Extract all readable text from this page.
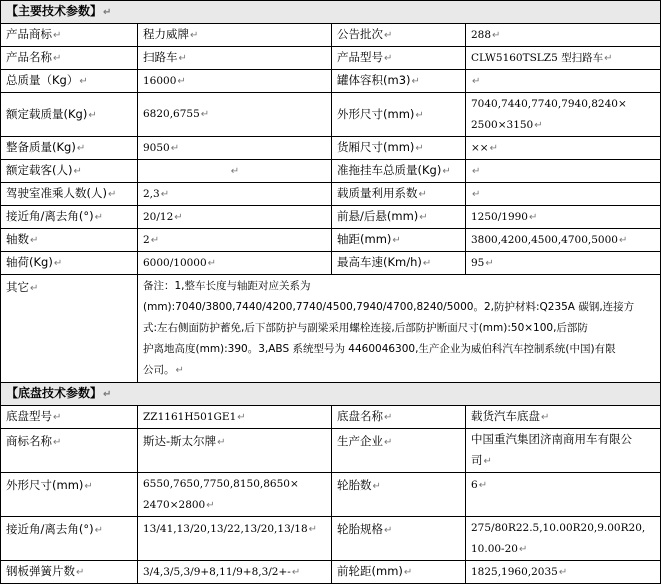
【主要技术参数】↵			
产品商标↵	程力威牌↵	公告批次↵	288↵
产品名称↵	扫路车↵	产品型号↵	CLW5160TSLZ5 型扫路车↵
总质量（Kg）↵	16000↵	罐体容积(m3)↵	↵
额定载质量(Kg)↵	6820,6755↵	外形尺寸(mm)↵	7040,7440,7740,7940,8240×
2500×3150↵
整备质量(Kg)↵	9050↵	货厢尺寸(mm)↵	××↵
额定载客(人)↵	↵	准拖挂车总质量(Kg)↵	↵
驾驶室准乘人数(人)↵	2,3↵	载质量利用系数↵	↵
接近角/离去角(°)↵	20/12↵	前悬/后悬(mm)↵	1250/1990↵
轴数↵	2↵	轴距(mm)↵	3800,4200,4500,4700,5000↵
轴荷(Kg)↵	6000/10000↵	最高车速(Km/h)↵	95↵
其它↵	备注：1,整车长度与轴距对应关系为
(mm):7040/3800,7440/4200,7740/4500,7940/4700,8240/5000。2,防护材料:Q235A 碳钢,连接方
式:左右侧面防护蓄免,后下部防护与副梁采用螺栓连接,后部防护断面尺寸(mm):50×100,后部防
护离地高度(mm):390。3,ABS 系统型号为 4460046300,生产企业为威伯科汽车控制系统(中国)有限
公司。↵		
【底盘技术参数】↵			
底盘型号↵	ZZ1161H501GE1↵	底盘名称↵	载货汽车底盘↵
商标名称↵	斯达-斯太尔牌↵	生产企业↵	中国重汽集团济南商用车有限公
司↵
外形尺寸(mm)↵	6550,7650,7750,8150,8650×
2470×2800↵	轮胎数↵	6↵
接近角/离去角(°)↵	13/41,13/20,13/22,13/20,13/18↵	轮胎规格↵	275/80R22.5,10.00R20,9.00R20,
10.00-20↵
钢板弹簧片数↵	3/4,3/5,3/9+8,11/9+8,3/2+-↵	前轮距(mm)↵	1825,1960,2035↵
